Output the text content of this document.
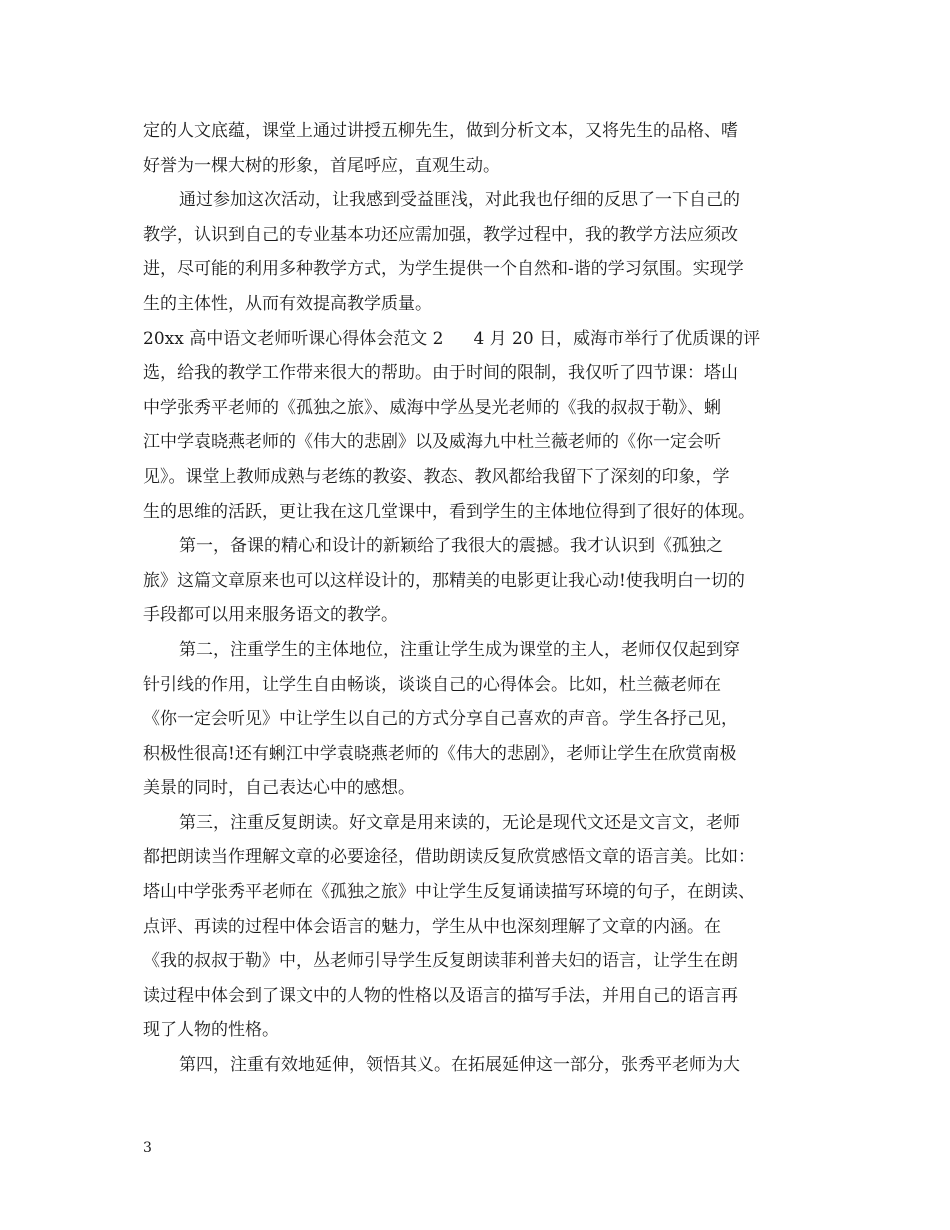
定的人文底蕴，课堂上通过讲授五柳先生，做到分析文本，又将先生的品格、嗜
好誉为一棵大树的形象，首尾呼应，直观生动。
通过参加这次活动，让我感到受益匪浅，对此我也仔细的反思了一下自己的
教学，认识到自己的专业基本功还应需加强，教学过程中，我的教学方法应须改
进，尽可能的利用多种教学方式，为学生提供一个自然和-谐的学习氛围。实现学
生的主体性，从而有效提高教学质量。
20xx 高中语文老师听课心得体会范文 2 4 月 20 日，威海市举行了优质课的评
选，给我的教学工作带来很大的帮助。由于时间的限制，我仅听了四节课：塔山
中学张秀平老师的《孤独之旅》、威海中学丛旻光老师的《我的叔叔于勒》、蜊
江中学袁晓燕老师的《伟大的悲剧》以及威海九中杜兰薇老师的《你一定会听
见》。课堂上教师成熟与老练的教姿、教态、教风都给我留下了深刻的印象，学
生的思维的活跃，更让我在这几堂课中，看到学生的主体地位得到了很好的体现。
第一，备课的精心和设计的新颖给了我很大的震撼。我才认识到《孤独之
旅》这篇文章原来也可以这样设计的，那精美的电影更让我心动!使我明白一切的
手段都可以用来服务语文的教学。
第二，注重学生的主体地位，注重让学生成为课堂的主人，老师仅仅起到穿
针引线的作用，让学生自由畅谈，谈谈自己的心得体会。比如，杜兰薇老师在
《你一定会听见》中让学生以自己的方式分享自己喜欢的声音。学生各抒己见，
积极性很高!还有蜊江中学袁晓燕老师的《伟大的悲剧》，老师让学生在欣赏南极
美景的同时，自己表达心中的感想。
第三，注重反复朗读。好文章是用来读的，无论是现代文还是文言文，老师
都把朗读当作理解文章的必要途径，借助朗读反复欣赏感悟文章的语言美。比如：
塔山中学张秀平老师在《孤独之旅》中让学生反复诵读描写环境的句子，在朗读、
点评、再读的过程中体会语言的魅力，学生从中也深刻理解了文章的内涵。在
《我的叔叔于勒》中，丛老师引导学生反复朗读菲利普夫妇的语言，让学生在朗
读过程中体会到了课文中的人物的性格以及语言的描写手法，并用自己的语言再
现了人物的性格。
第四，注重有效地延伸，领悟其义。在拓展延伸这一部分，张秀平老师为大
3
